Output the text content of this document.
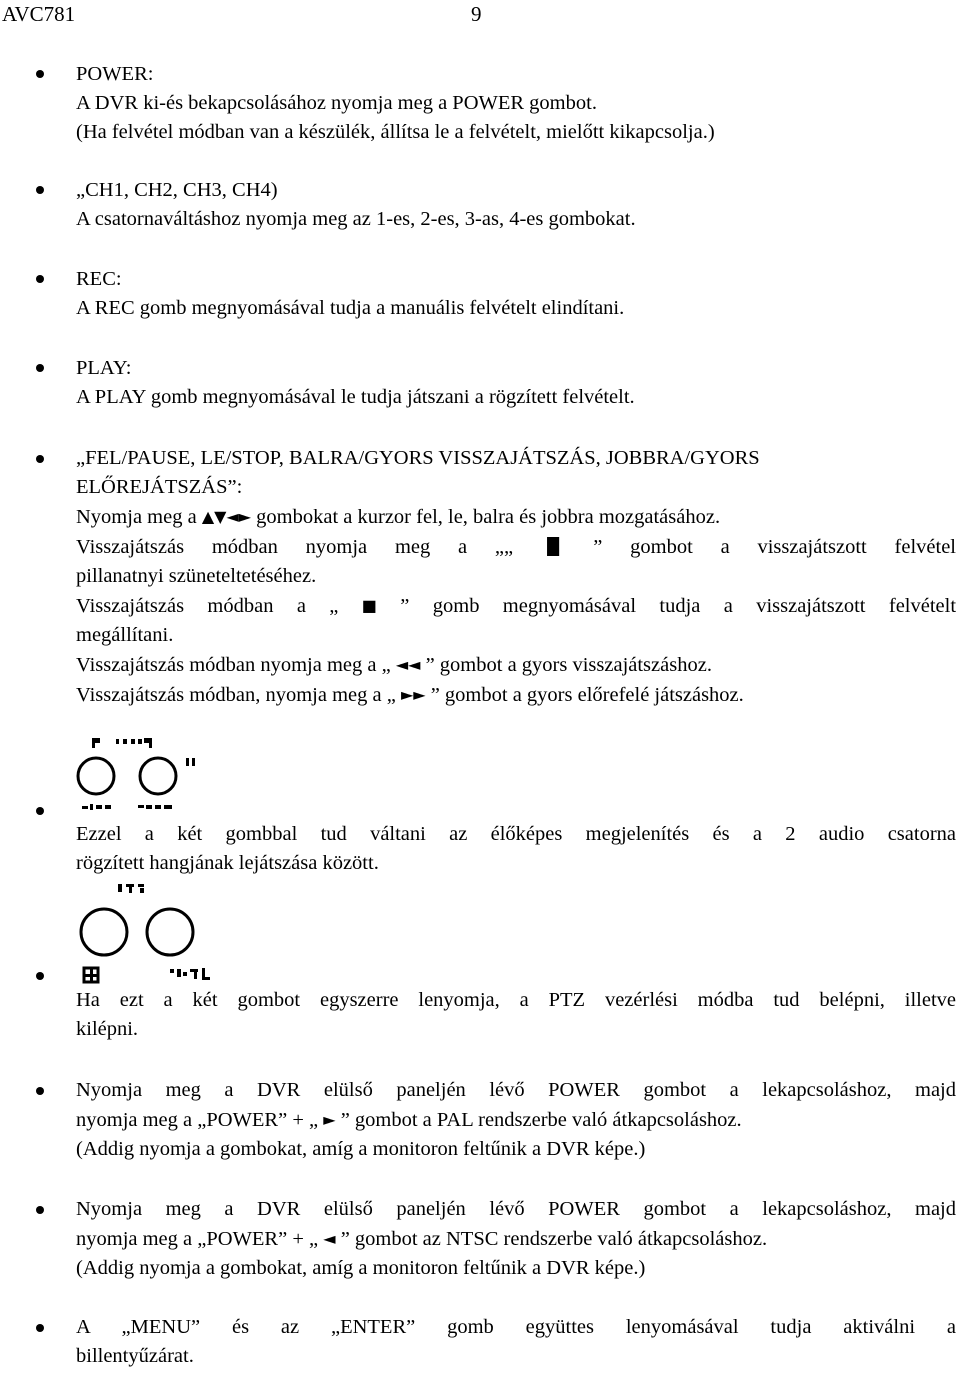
AVC781	9
POWER:
A DVR ki-és bekapcsolásához nyomja meg a POWER gombot.
(Ha felvétel módban van a készülék, állítsa le a felvételt, mielőtt kikapcsolja.)
„CH1, CH2, CH3, CH4)
A csatornaváltáshoz nyomja meg az 1-es, 2-es, 3-as, 4-es gombokat.
REC:
A REC gomb megnyomásával tudja a manuális felvételt elindítani.
PLAY:
A PLAY gomb megnyomásával le tudja játszani a rögzített felvételt.
„FEL/PAUSE, LE/STOP, BALRA/GYORS VISSZAJÁTSZÁS, JOBBRA/GYORS
ELŐREJÁTSZÁS”:
Nyomja meg a ▲▼◄► gombokat a kurzor fel, le, balra és jobbra mozgatásához.
Visszajátszás módban nyomja meg a „„ ▐▌ ” gombot a visszajátszott felvétel
pillanatnyi szüneteltetéséhez.
Visszajátszás módban a „ ■ ” gomb megnyomásával tudja a visszajátszott felvételt
megállítani.
Visszajátszás módban nyomja meg a „ ◄◄ ” gombot a gyors visszajátszáshoz.
Visszajátszás módban, nyomja meg a „ ►► ” gombot a gyors előrefelé játszáshoz.
Ezzel a két gombbal tud váltani az élőképes megjelenítés és a 2 audio csatorna
rögzített hangjának lejátszása között.
Ha ezt a két gombot egyszerre lenyomja, a PTZ vezérlési módba tud belépni, illetve
kilépni.
Nyomja meg a DVR elülső paneljén lévő POWER gombot a lekapcsoláshoz, majd
nyomja meg a „POWER” + „ ► ” gombot a PAL rendszerbe való átkapcsoláshoz.
(Addig nyomja a gombokat, amíg a monitoron feltűnik a DVR képe.)
Nyomja meg a DVR elülső paneljén lévő POWER gombot a lekapcsoláshoz, majd
nyomja meg a „POWER” + „ ◄ ” gombot az NTSC rendszerbe való átkapcsoláshoz.
(Addig nyomja a gombokat, amíg a monitoron feltűnik a DVR képe.)
A „MENU” és az „ENTER” gomb együttes lenyomásával tudja aktiválni a
billentyűzárat.
